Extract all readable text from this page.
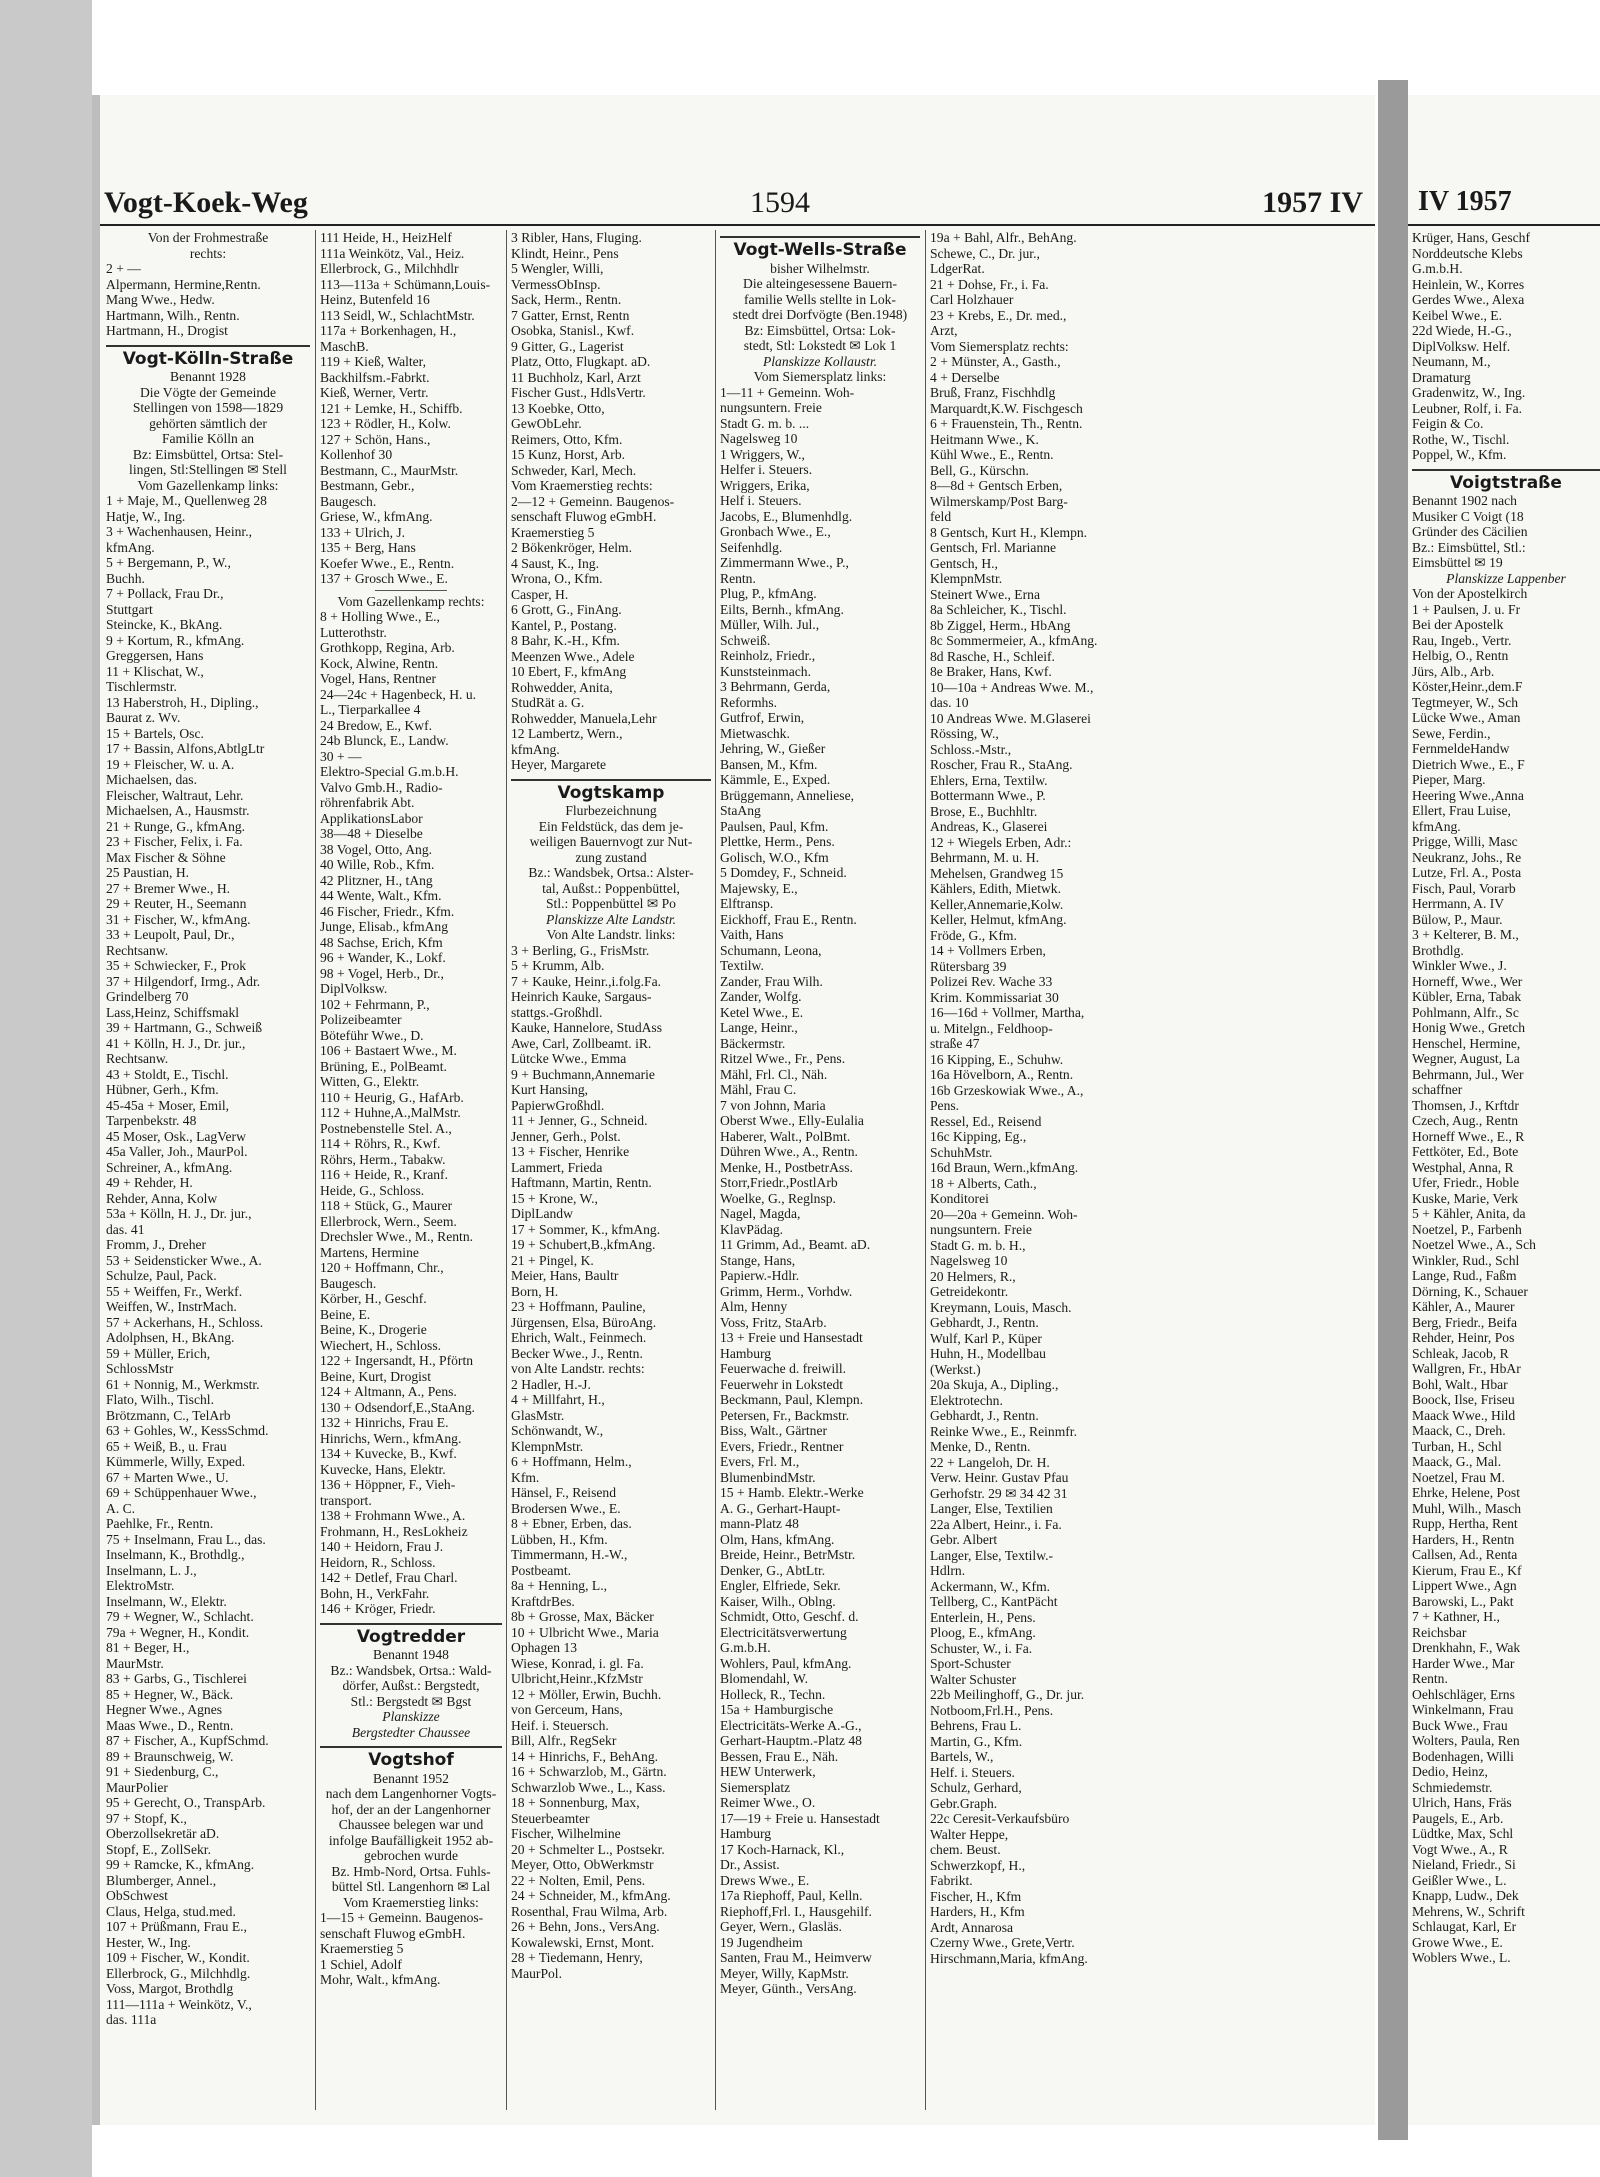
Vogt-Koek-Weg	1594	1957 IV IV 1957
Von der Frohmestraße
rechts:
2 + —
Alpermann, Hermine,Rentn.
Mang Wwe., Hedw.
Hartmann, Wilh., Rentn.
Hartmann, H., Drogist
Vogt-Kölln-Straße
Benannt 1928
Die Vögte der Gemeinde
Stellingen von 1598—1829
gehörten sämtlich der
Familie Kölln an
Bz: Eimsbüttel, Ortsa: Stel-
lingen, Stl:Stellingen ✉ Stell
Vom Gazellenkamp links:
1 + Maje, M., Quellenweg 28
Hatje, W., Ing.
3 + Wachenhausen, Heinr.,
kfmAng.
5 + Bergemann, P., W.,
Buchh.
7 + Pollack, Frau Dr.,
Stuttgart
Steincke, K., BkAng.
9 + Kortum, R., kfmAng.
Greggersen, Hans
11 + Klischat, W.,
Tischlermstr.
13 Haberstroh, H., Dipling.,
Baurat z. Wv.
15 + Bartels, Osc.
17 + Bassin, Alfons,AbtlgLtr
19 + Fleischer, W. u. A.
Michaelsen, das.
Fleischer, Waltraut, Lehr.
Michaelsen, A., Hausmstr.
21 + Runge, G., kfmAng.
23 + Fischer, Felix, i. Fa.
Max Fischer & Söhne
25 Paustian, H.
27 + Bremer Wwe., H.
29 + Reuter, H., Seemann
31 + Fischer, W., kfmAng.
33 + Leupolt, Paul, Dr.,
Rechtsanw.
35 + Schwiecker, F., Prok
37 + Hilgendorf, Irmg., Adr.
Grindelberg 70
Lass,Heinz, Schiffsmakl
39 + Hartmann, G., Schweiß
41 + Kölln, H. J., Dr. jur.,
Rechtsanw.
43 + Stoldt, E., Tischl.
Hübner, Gerh., Kfm.
45-45a + Moser, Emil,
Tarpenbekstr. 48
45 Moser, Osk., LagVerw
45a Valler, Joh., MaurPol.
Schreiner, A., kfmAng.
49 + Rehder, H.
Rehder, Anna, Kolw
53a + Kölln, H. J., Dr. jur.,
das. 41
Fromm, J., Dreher
53 + Seidensticker Wwe., A.
Schulze, Paul, Pack.
55 + Weiffen, Fr., Werkf.
Weiffen, W., InstrMach.
57 + Ackerhans, H., Schloss.
Adolphsen, H., BkAng.
59 + Müller, Erich,
SchlossMstr
61 + Nonnig, M., Werkmstr.
Flato, Wilh., Tischl.
Brötzmann, C., TelArb
63 + Gohles, W., KessSchmd.
65 + Weiß, B., u. Frau
Kümmerle, Willy, Exped.
67 + Marten Wwe., U.
69 + Schüppenhauer Wwe.,
A. C.
Paehlke, Fr., Rentn.
75 + Inselmann, Frau L., das.
Inselmann, K., Brothdlg.,
Inselmann, L. J.,
ElektroMstr.
Inselmann, W., Elektr.
79 + Wegner, W., Schlacht.
79a + Wegner, H., Kondit.
81 + Beger, H.,
MaurMstr.
83 + Garbs, G., Tischlerei
85 + Hegner, W., Bäck.
Hegner Wwe., Agnes
Maas Wwe., D., Rentn.
87 + Fischer, A., KupfSchmd.
89 + Braunschweig, W.
91 + Siedenburg, C.,
MaurPolier
95 + Gerecht, O., TranspArb.
97 + Stopf, K.,
Oberzollsekretär aD.
Stopf, E., ZollSekr.
99 + Ramcke, K., kfmAng.
Blumberger, Annel.,
ObSchwest
Claus, Helga, stud.med.
107 + Prüßmann, Frau E.,
Hester, W., Ing.
109 + Fischer, W., Kondit.
Ellerbrock, G., Milchhdlg.
Voss, Margot, Brothdlg
111—111a + Weinkötz, V.,
das. 111a
111 Heide, H., HeizHelf
111a Weinkötz, Val., Heiz.
Ellerbrock, G., Milchhdlr
113—113a + Schümann,Louis-
Heinz, Butenfeld 16
113 Seidl, W., SchlachtMstr.
117a + Borkenhagen, H.,
MaschB.
119 + Kieß, Walter,
Backhilfsm.-Fabrkt.
Kieß, Werner, Vertr.
121 + Lemke, H., Schiffb.
123 + Rödler, H., Kolw.
127 + Schön, Hans.,
Kollenhof 30
Bestmann, C., MaurMstr.
Bestmann, Gebr.,
Baugesch.
Griese, W., kfmAng.
133 + Ulrich, J.
135 + Berg, Hans
Koefer Wwe., E., Rentn.
137 + Grosch Wwe., E.
Vom Gazellenkamp rechts:
8 + Holling Wwe., E.,
Lutterothstr.
Grothkopp, Regina, Arb.
Kock, Alwine, Rentn.
Vogel, Hans, Rentner
24—24c + Hagenbeck, H. u.
L., Tierparkallee 4
24 Bredow, E., Kwf.
24b Blunck, E., Landw.
30 + —
Elektro-Special G.m.b.H.
Valvo Gmb.H., Radio-
röhrenfabrik Abt.
ApplikationsLabor
38—48 + Dieselbe
38 Vogel, Otto, Ang.
40 Wille, Rob., Kfm.
42 Plitzner, H., tAng
44 Wente, Walt., Kfm.
46 Fischer, Friedr., Kfm.
Junge, Elisab., kfmAng
48 Sachse, Erich, Kfm
96 + Wander, K., Lokf.
98 + Vogel, Herb., Dr.,
DiplVolksw.
102 + Fehrmann, P.,
Polizeibeamter
Böteführ Wwe., D.
106 + Bastaert Wwe., M.
Brüning, E., PolBeamt.
Witten, G., Elektr.
110 + Heurig, G., HafArb.
112 + Huhne,A.,MalMstr.
Postnebenstelle Stel. A.,
114 + Röhrs, R., Kwf.
Röhrs, Herm., Tabakw.
116 + Heide, R., Kranf.
Heide, G., Schloss.
118 + Stück, G., Maurer
Ellerbrock, Wern., Seem.
Drechsler Wwe., M., Rentn.
Martens, Hermine
120 + Hoffmann, Chr.,
Baugesch.
Körber, H., Geschf.
Beine, E.
Beine, K., Drogerie
Wiechert, H., Schloss.
122 + Ingersandt, H., Pförtn
Beine, Kurt, Drogist
124 + Altmann, A., Pens.
130 + Odsendorf,E.,StaAng.
132 + Hinrichs, Frau E.
Hinrichs, Wern., kfmAng.
134 + Kuvecke, B., Kwf.
Kuvecke, Hans, Elektr.
136 + Höppner, F., Vieh-
transport.
138 + Frohmann Wwe., A.
Frohmann, H., ResLokheiz
140 + Heidorn, Frau J.
Heidorn, R., Schloss.
142 + Detlef, Frau Charl.
Bohn, H., VerkFahr.
146 + Kröger, Friedr.
Vogtredder
Benannt 1948
Bz.: Wandsbek, Ortsa.: Wald-
dörfer, Außst.: Bergstedt,
Stl.: Bergstedt ✉ Bgst
Planskizze
Bergstedter Chaussee
Vogtshof
Benannt 1952
nach dem Langenhorner Vogts-
hof, der an der Langenhorner
Chaussee belegen war und
infolge Baufälligkeit 1952 ab-
gebrochen wurde
Bz. Hmb-Nord, Ortsa. Fuhls-
büttel Stl. Langenhorn ✉ Lal
Vom Kraemerstieg links:
1—15 + Gemeinn. Baugenos-
senschaft Fluwog eGmbH.
Kraemerstieg 5
1 Schiel, Adolf
Mohr, Walt., kfmAng.
3 Ribler, Hans, Fluging.
Klindt, Heinr., Pens
5 Wengler, Willi,
VermessObInsp.
Sack, Herm., Rentn.
7 Gatter, Ernst, Rentn
Osobka, Stanisl., Kwf.
9 Gitter, G., Lagerist
Platz, Otto, Flugkapt. aD.
11 Buchholz, Karl, Arzt
Fischer Gust., HdlsVertr.
13 Koebke, Otto,
GewObLehr.
Reimers, Otto, Kfm.
15 Kunz, Horst, Arb.
Schweder, Karl, Mech.
Vom Kraemerstieg rechts:
2—12 + Gemeinn. Baugenos-
senschaft Fluwog eGmbH.
Kraemerstieg 5
2 Bökenkröger, Helm.
4 Saust, K., Ing.
Wrona, O., Kfm.
Casper, H.
6 Grott, G., FinAng.
Kantel, P., Postang.
8 Bahr, K.-H., Kfm.
Meenzen Wwe., Adele
10 Ebert, F., kfmAng
Rohwedder, Anita,
StudRät a. G.
Rohwedder, Manuela,Lehr
12 Lambertz, Wern.,
kfmAng.
Heyer, Margarete
Vogtskamp
Flurbezeichnung
Ein Feldstück, das dem je-
weiligen Bauernvogt zur Nut-
zung zustand
Bz.: Wandsbek, Ortsa.: Alster-
tal, Außst.: Poppenbüttel,
Stl.: Poppenbüttel ✉ Po
Planskizze Alte Landstr.
Von Alte Landstr. links:
3 + Berling, G., FrisMstr.
5 + Krumm, Alb.
7 + Kauke, Heinr.,i.folg.Fa.
Heinrich Kauke, Sargaus-
stattgs.-Großhdl.
Kauke, Hannelore, StudAss
Awe, Carl, Zollbeamt. iR.
Lütcke Wwe., Emma
9 + Buchmann,Annemarie
Kurt Hansing,
PapierwGroßhdl.
11 + Jenner, G., Schneid.
Jenner, Gerh., Polst.
13 + Fischer, Henrike
Lammert, Frieda
Haftmann, Martin, Rentn.
15 + Krone, W.,
DiplLandw
17 + Sommer, K., kfmAng.
19 + Schubert,B.,kfmAng.
21 + Pingel, K.
Meier, Hans, Baultr
Born, H.
23 + Hoffmann, Pauline,
Jürgensen, Elsa, BüroAng.
Ehrich, Walt., Feinmech.
Becker Wwe., J., Rentn.
von Alte Landstr. rechts:
2 Hadler, H.-J.
4 + Millfahrt, H.,
GlasMstr.
Schönwandt, W.,
KlempnMstr.
6 + Hoffmann, Helm.,
Kfm.
Hänsel, F., Reisend
Brodersen Wwe., E.
8 + Ebner, Erben, das.
Lübben, H., Kfm.
Timmermann, H.-W.,
Postbeamt.
8a + Henning, L.,
KraftdrBes.
8b + Grosse, Max, Bäcker
10 + Ulbricht Wwe., Maria
Ophagen 13
Wiese, Konrad, i. gl. Fa.
Ulbricht,Heinr.,KfzMstr
12 + Möller, Erwin, Buchh.
von Gerceum, Hans,
Heif. i. Steuersch.
Bill, Alfr., RegSekr
14 + Hinrichs, F., BehAng.
16 + Schwarzlob, M., Gärtn.
Schwarzlob Wwe., L., Kass.
18 + Sonnenburg, Max,
Steuerbeamter
Fischer, Wilhelmine
20 + Schmelter L., Postsekr.
Meyer, Otto, ObWerkmstr
22 + Nolten, Emil, Pens.
24 + Schneider, M., kfmAng.
Rosenthal, Frau Wilma, Arb.
26 + Behn, Jons., VersAng.
Kowalewski, Ernst, Mont.
28 + Tiedemann, Henry,
MaurPol.
Vogt-Wells-Straße
bisher Wilhelmstr.
Die alteingesessene Bauern-
familie Wells stellte in Lok-
stedt drei Dorfvögte (Ben.1948)
Bz: Eimsbüttel, Ortsa: Lok-
stedt, Stl: Lokstedt ✉ Lok 1
Planskizze Kollaustr.
Vom Siemersplatz links:
1—11 + Gemeinn. Woh-
nungsuntern. Freie
Stadt G. m. b. ...
Nagelsweg 10
1 Wriggers, W.,
Helfer i. Steuers.
Wriggers, Erika,
Helf i. Steuers.
Jacobs, E., Blumenhdlg.
Gronbach Wwe., E.,
Seifenhdlg.
Zimmermann Wwe., P.,
Rentn.
Plug, P., kfmAng.
Eilts, Bernh., kfmAng.
Müller, Wilh. Jul.,
Schweiß.
Reinholz, Friedr.,
Kunststeinmach.
3 Behrmann, Gerda,
Reformhs.
Gutfrof, Erwin,
Mietwaschk.
Jehring, W., Gießer
Bansen, M., Kfm.
Kämmle, E., Exped.
Brüggemann, Anneliese,
StaAng
Paulsen, Paul, Kfm.
Plettke, Herm., Pens.
Golisch, W.O., Kfm
5 Domdey, F., Schneid.
Majewsky, E.,
Elftransp.
Eickhoff, Frau E., Rentn.
Vaith, Hans
Schumann, Leona,
Textilw.
Zander, Frau Wilh.
Zander, Wolfg.
Ketel Wwe., E.
Lange, Heinr.,
Bäckermstr.
Ritzel Wwe., Fr., Pens.
Mähl, Frl. Cl., Näh.
Mähl, Frau C.
7 von Johnn, Maria
Oberst Wwe., Elly-Eulalia
Haberer, Walt., PolBmt.
Dühren Wwe., A., Rentn.
Menke, H., PostbetrAss.
Storr,Friedr.,PostlArb
Woelke, G., Reglnsp.
Nagel, Magda,
KlavPädag.
11 Grimm, Ad., Beamt. aD.
Stange, Hans,
Papierw.-Hdlr.
Grimm, Herm., Vorhdw.
Alm, Henny
Voss, Fritz, StaArb.
13 + Freie und Hansestadt
Hamburg
Feuerwache d. freiwill.
Feuerwehr in Lokstedt
Beckmann, Paul, Klempn.
Petersen, Fr., Backmstr.
Biss, Walt., Gärtner
Evers, Friedr., Rentner
Evers, Frl. M.,
BlumenbindMstr.
15 + Hamb. Elektr.-Werke
A. G., Gerhart-Haupt-
mann-Platz 48
Olm, Hans, kfmAng.
Breide, Heinr., BetrMstr.
Denker, G., AbtLtr.
Engler, Elfriede, Sekr.
Kaiser, Wilh., Oblng.
Schmidt, Otto, Geschf. d.
Electricitätsverwertung
G.m.b.H.
Wohlers, Paul, kfmAng.
Blomendahl, W.
Holleck, R., Techn.
15a + Hamburgische
Electricitäts-Werke A.-G.,
Gerhart-Hauptm.-Platz 48
Bessen, Frau E., Näh.
HEW Unterwerk,
Siemersplatz
Reimer Wwe., O.
17—19 + Freie u. Hansestadt
Hamburg
17 Koch-Harnack, Kl.,
Dr., Assist.
Drews Wwe., E.
17a Riephoff, Paul, Kelln.
Riephoff,Frl. I., Hausgehilf.
Geyer, Wern., Glasläs.
19 Jugendheim
Santen, Frau M., Heimverw
Meyer, Willy, KapMstr.
Meyer, Günth., VersAng.
19a + Bahl, Alfr., BehAng.
Schewe, C., Dr. jur.,
LdgerRat.
21 + Dohse, Fr., i. Fa.
Carl Holzhauer
23 + Krebs, E., Dr. med.,
Arzt,
Vom Siemersplatz rechts:
2 + Münster, A., Gasth.,
4 + Derselbe
Bruß, Franz, Fischhdlg
Marquardt,K.W. Fischgesch
6 + Frauenstein, Th., Rentn.
Heitmann Wwe., K.
Kühl Wwe., E., Rentn.
Bell, G., Kürschn.
8—8d + Gentsch Erben,
Wilmerskamp/Post Barg-
feld
8 Gentsch, Kurt H., Klempn.
Gentsch, Frl. Marianne
Gentsch, H.,
KlempnMstr.
Steinert Wwe., Erna
8a Schleicher, K., Tischl.
8b Ziggel, Herm., HbAng
8c Sommermeier, A., kfmAng.
8d Rasche, H., Schleif.
8e Braker, Hans, Kwf.
10—10a + Andreas Wwe. M.,
das. 10
10 Andreas Wwe. M.Glaserei
Rössing, W.,
Schloss.-Mstr.,
Roscher, Frau R., StaAng.
Ehlers, Erna, Textilw.
Bottermann Wwe., P.
Brose, E., Buchhltr.
Andreas, K., Glaserei
12 + Wiegels Erben, Adr.:
Behrmann, M. u. H.
Mehelsen, Grandweg 15
Kählers, Edith, Mietwk.
Keller,Annemarie,Kolw.
Keller, Helmut, kfmAng.
Fröde, G., Kfm.
14 + Vollmers Erben,
Rütersbarg 39
Polizei Rev. Wache 33
Krim. Kommissariat 30
16—16d + Vollmer, Martha,
u. Mitelgn., Feldhoop-
straße 47
16 Kipping, E., Schuhw.
16a Hövelborn, A., Rentn.
16b Grzeskowiak Wwe., A.,
Pens.
Ressel, Ed., Reisend
16c Kipping, Eg.,
SchuhMstr.
16d Braun, Wern.,kfmAng.
18 + Alberts, Cath.,
Konditorei
20—20a + Gemeinn. Woh-
nungsuntern. Freie
Stadt G. m. b. H.,
Nagelsweg 10
20 Helmers, R.,
Getreidekontr.
Kreymann, Louis, Masch.
Gebhardt, J., Rentn.
Wulf, Karl P., Küper
Huhn, H., Modellbau
(Werkst.)
20a Skuja, A., Dipling.,
Elektrotechn.
Gebhardt, J., Rentn.
Reinke Wwe., E., Reinmfr.
Menke, D., Rentn.
22 + Langeloh, Dr. H.
Verw. Heinr. Gustav Pfau
Gerhofstr. 29 ✉ 34 42 31
Langer, Else, Textilien
22a Albert, Heinr., i. Fa.
Gebr. Albert
Langer, Else, Textilw.-
Hdlrn.
Ackermann, W., Kfm.
Tellberg, C., KantPächt
Enterlein, H., Pens.
Ploog, E., kfmAng.
Schuster, W., i. Fa.
Sport-Schuster
Walter Schuster
22b Meilinghoff, G., Dr. jur.
Notboom,Frl.H., Pens.
Behrens, Frau L.
Martin, G., Kfm.
Bartels, W.,
Helf. i. Steuers.
Schulz, Gerhard,
Gebr.Graph.
22c Ceresit-Verkaufsbüro
Walter Heppe,
chem. Beust.
Schwerzkopf, H.,
Fabrikt.
Fischer, H., Kfm
Harders, H., Kfm
Ardt, Annarosa
Czerny Wwe., Grete,Vertr.
Hirschmann,Maria, kfmAng.
Krüger, Hans, Geschf
Norddeutsche Klebs
G.m.b.H.
Heinlein, W., Korres
Gerdes Wwe., Alexa
Keibel Wwe., E.
22d Wiede, H.-G.,
DiplVolksw. Helf.
Neumann, M.,
Dramaturg
Gradenwitz, W., Ing.
Leubner, Rolf, i. Fa.
Feigin & Co.
Rothe, W., Tischl.
Poppel, W., Kfm.
Voigtstraße
Benannt 1902 nach
Musiker C Voigt (18
Gründer des Cäcilien
Bz.: Eimsbüttel, Stl.:
Eimsbüttel ✉ 19
Planskizze Lappenber
Von der Apostelkirch
1 + Paulsen, J. u. Fr
Bei der Apostelk
Rau, Ingeb., Vertr.
Helbig, O., Rentn
Jürs, Alb., Arb.
Köster,Heinr.,dem.F
Tegtmeyer, W., Sch
Lücke Wwe., Aman
Sewe, Ferdin.,
FernmeldeHandw
Dietrich Wwe., E., F
Pieper, Marg.
Heering Wwe.,Anna
Ellert, Frau Luise,
kfmAng.
Prigge, Willi, Masc
Neukranz, Johs., Re
Lutze, Frl. A., Posta
Fisch, Paul, Vorarb
Herrmann, A. IV
Bülow, P., Maur.
3 + Kelterer, B. M.,
Brothdlg.
Winkler Wwe., J.
Horneff, Wwe., Wer
Kübler, Erna, Tabak
Pohlmann, Alfr., Sc
Honig Wwe., Gretch
Henschel, Hermine,
Wegner, August, La
Behrmann, Jul., Wer
schaffner
Thomsen, J., Krftdr
Czech, Aug., Rentn
Horneff Wwe., E., R
Fettköter, Ed., Bote
Westphal, Anna, R
Ufer, Friedr., Hoble
Kuske, Marie, Verk
5 + Kähler, Anita, da
Noetzel, P., Farbenh
Noetzel Wwe., A., Sch
Winkler, Rud., Schl
Lange, Rud., Faßm
Dörning, K., Schauer
Kähler, A., Maurer
Berg, Friedr., Beifa
Rehder, Heinr, Pos
Schleak, Jacob, R
Wallgren, Fr., HbAr
Bohl, Walt., Hbar
Boock, Ilse, Friseu
Maack Wwe., Hild
Maack, C., Dreh.
Turban, H., Schl
Maack, G., Mal.
Noetzel, Frau M.
Ehrke, Helene, Post
Muhl, Wilh., Masch
Rupp, Hertha, Rent
Harders, H., Rentn
Callsen, Ad., Renta
Kierum, Frau E., Kf
Lippert Wwe., Agn
Barowski, L., Pakt
7 + Kathner, H.,
Reichsbar
Drenkhahn, F., Wak
Harder Wwe., Mar
Rentn.
Oehlschläger, Erns
Winkelmann, Frau
Buck Wwe., Frau
Wolters, Paula, Ren
Bodenhagen, Willi
Dedio, Heinz,
Schmiedemstr.
Ulrich, Hans, Fräs
Paugels, E., Arb.
Lüdtke, Max, Schl
Vogt Wwe., A., R
Nieland, Friedr., Si
Geißler Wwe., L.
Knapp, Ludw., Dek
Mehrens, W., Schrift
Schlaugat, Karl, Er
Growe Wwe., E.
Woblers Wwe., L.
